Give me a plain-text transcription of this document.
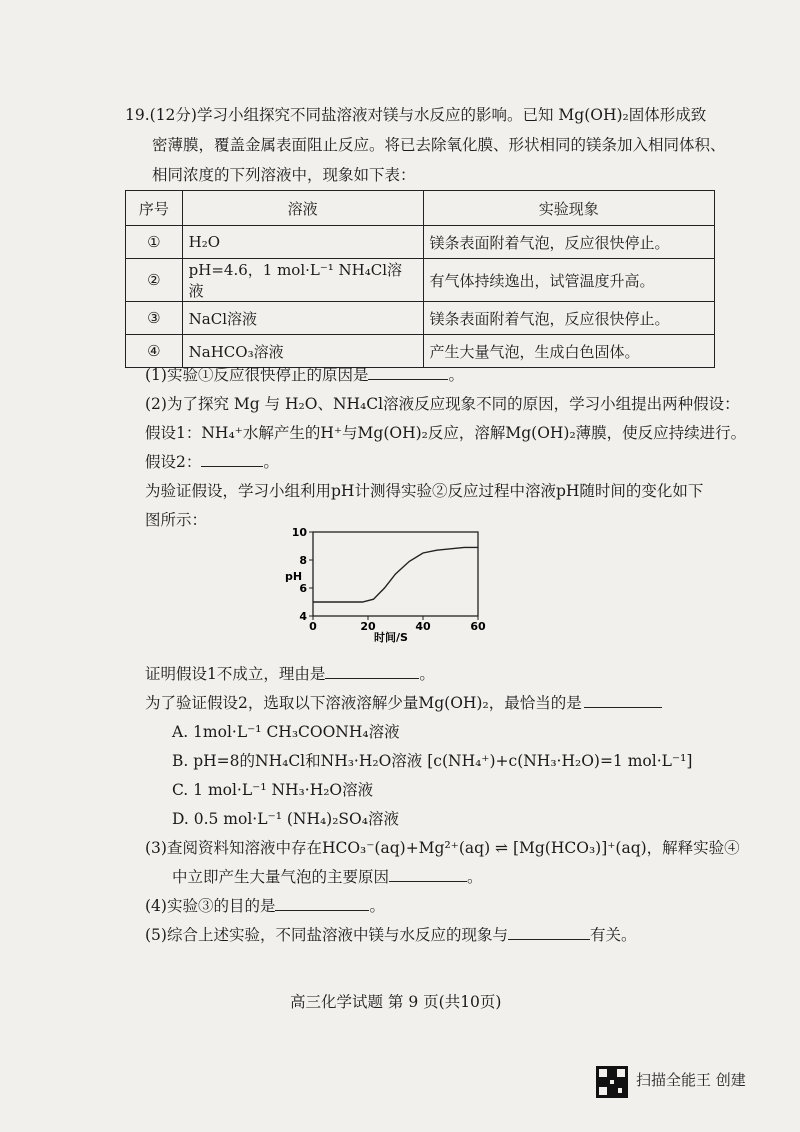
19.(12分)学习小组探究不同盐溶液对镁与水反应的影响。已知 Mg(OH)₂固体形成致
密薄膜，覆盖金属表面阻止反应。将已去除氧化膜、形状相同的镁条加入相同体积、
相同浓度的下列溶液中，现象如下表：
序号	溶液	实验现象
①	H₂O	镁条表面附着气泡，反应很快停止。
②	pH=4.6，1 mol·L⁻¹ NH₄Cl溶液	有气体持续逸出，试管温度升高。
③	NaCl溶液	镁条表面附着气泡，反应很快停止。
④	NaHCO₃溶液	产生大量气泡，生成白色固体。
(1)实验①反应很快停止的原因是	。
(2)为了探究 Mg 与 H₂O、NH₄Cl溶液反应现象不同的原因，学习小组提出两种假设：
假设1：NH₄⁺水解产生的H⁺与Mg(OH)₂反应，溶解Mg(OH)₂薄膜，使反应持续进行。
假设2：	。
为验证假设，学习小组利用pH计测得实验②反应过程中溶液pH随时间的变化如下
图所示：
4
6
8
10
0	20	40	60
pH
时间/S
证明假设1不成立，理由是	。
为了验证假设2，选取以下溶液溶解少量Mg(OH)₂，最恰当的是
A. 1mol·L⁻¹ CH₃COONH₄溶液
B. pH=8的NH₄Cl和NH₃·H₂O溶液 [c(NH₄⁺)+c(NH₃·H₂O)=1 mol·L⁻¹]
C. 1 mol·L⁻¹ NH₃·H₂O溶液
D. 0.5 mol·L⁻¹ (NH₄)₂SO₄溶液
(3)查阅资料知溶液中存在HCO₃⁻(aq)+Mg²⁺(aq) ⇌ [Mg(HCO₃)]⁺(aq)，解释实验④
中立即产生大量气泡的主要原因	。
(4)实验③的目的是	。
(5)综合上述实验，不同盐溶液中镁与水反应的现象与	有关。
高三化学试题 第 9 页(共10页)
扫描全能王 创建
